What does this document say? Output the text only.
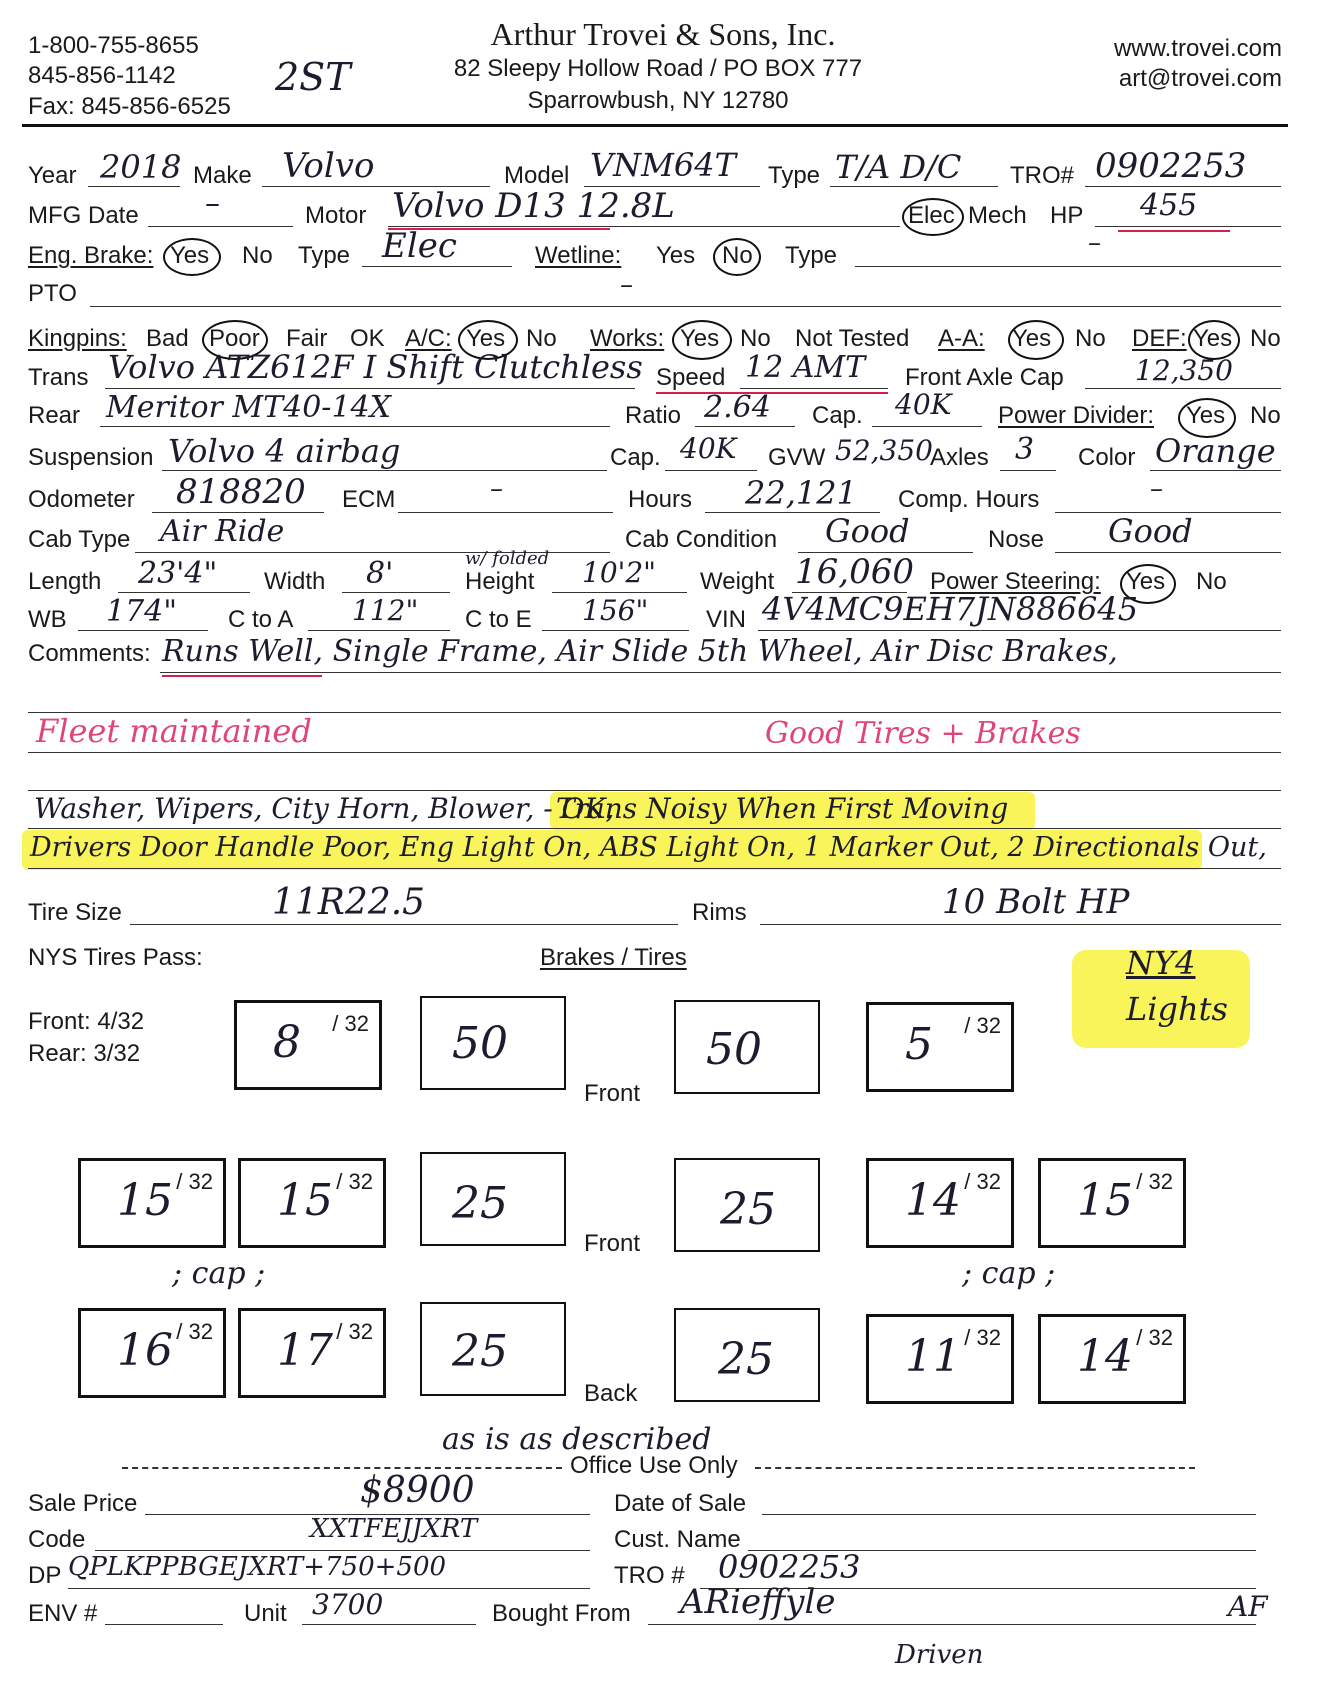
1-800-755-8655
845-856-1142
Fax: 845-856-6525
2ST
Arthur Trovei & Sons, Inc.
82 Sleepy Hollow Road / PO BOX 777
Sparrowbush, NY 12780
www.trovei.com
art@trovei.com
Year 2018 Make Volvo	Model VNM64T Type T/A D/C TRO# 0902253
MFG Date –	Motor Volvo D13 12.8L	Elec Mech HP 455
Eng. Brake: Yes No Type Elec	Wetline: Yes No Type	–
PTO	–
Kingpins: Bad Poor Fair OK A/C: Yes No Works: Yes No Not Tested A-A: Yes No DEF: Yes No
Trans Volvo ATZ612F I Shift Clutchless Speed 12 AMT Front Axle Cap	12,350
Rear Meritor MT40-14X	Ratio 2.64 Cap. 40K Power Divider: Yes No
Suspension Volvo 4 airbag	Cap. 40K GVW 52,350
Axles 3 Color Orange
Odometer 818820 ECM	–	Hours 22,121 Comp. Hours	–
Cab Type Air Ride	Cab Condition Good	Nose Good
Length 23'4" Width 8'	w/ folded
Height 10'2" Weight 16,060 Power Steering: Yes No
WB 174" C to A 112" C to E 156" VIN 4V4MC9EH7JN886645
Comments: Runs Well, Single Frame, Air Slide 5th Wheel, Air Disc Brakes,
Fleet maintained	Good Tires + Brakes
Washer, Wipers, City Horn, Blower, - OK,
Trans Noisy When First Moving
Drivers Door Handle Poor, Eng Light On, ABS Light On, 1 Marker Out, 2 Directionals Out,
Tire Size	11R22.5	Rims	10 Bolt HP
NYS Tires Pass:	Brakes / Tires
Front: 4/32
Rear: 3/32
NY4
Lights
8 / 32 50
Front
50	5 / 32
15 / 32 15 / 32 25
Front
25	14 / 32 15 / 32
; cap ;	; cap ;
16 / 32 17 / 32 25
Back
25	11 / 32 14 / 32
as is as described
Office Use Only
Sale Price	$8900	Date of Sale
Code	XXTFEJJXRT	Cust. Name
DP QPLKPPBGEJXRT+750+500	TRO # 0902253
ENV #	Unit 3700	Bought From ARieffyle	AF
Driven
